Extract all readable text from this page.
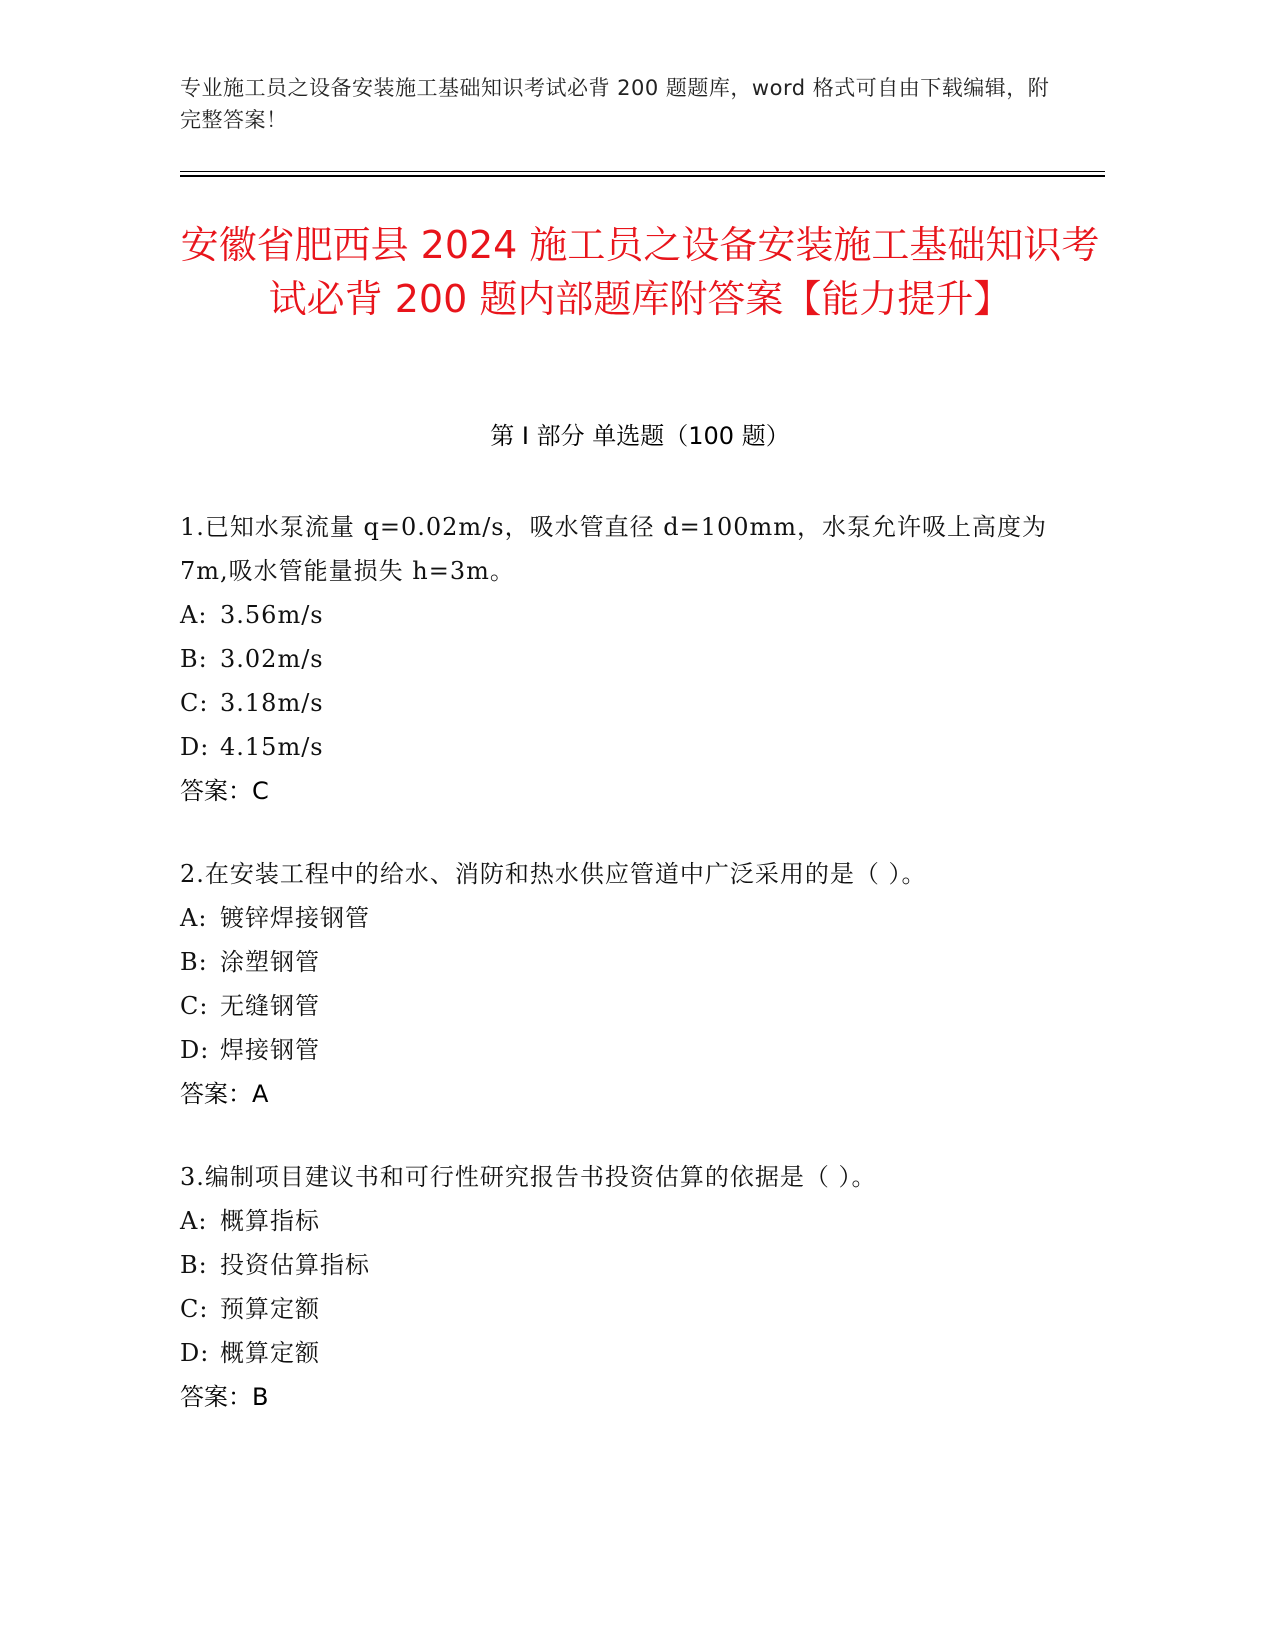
专业施工员之设备安装施工基础知识考试必背 200 题题库，word 格式可自由下载编辑，附完整答案！
安徽省肥西县 2024 施工员之设备安装施工基础知识考试必背 200 题内部题库附答案【能力提升】
第 I 部分 单选题（100 题）
1.已知水泵流量 q=0.02m/s，吸水管直径 d=100mm，水泵允许吸上高度为 7m,吸水管能量损失 h=3m。
A: 3.56m/s
B: 3.02m/s
C: 3.18m/s
D: 4.15m/s
答案：C
2.在安装工程中的给水、消防和热水供应管道中广泛采用的是（ ）。
A: 镀锌焊接钢管
B: 涂塑钢管
C: 无缝钢管
D: 焊接钢管
答案：A
3.编制项目建议书和可行性研究报告书投资估算的依据是（ ）。
A: 概算指标
B: 投资估算指标
C: 预算定额
D: 概算定额
答案：B
